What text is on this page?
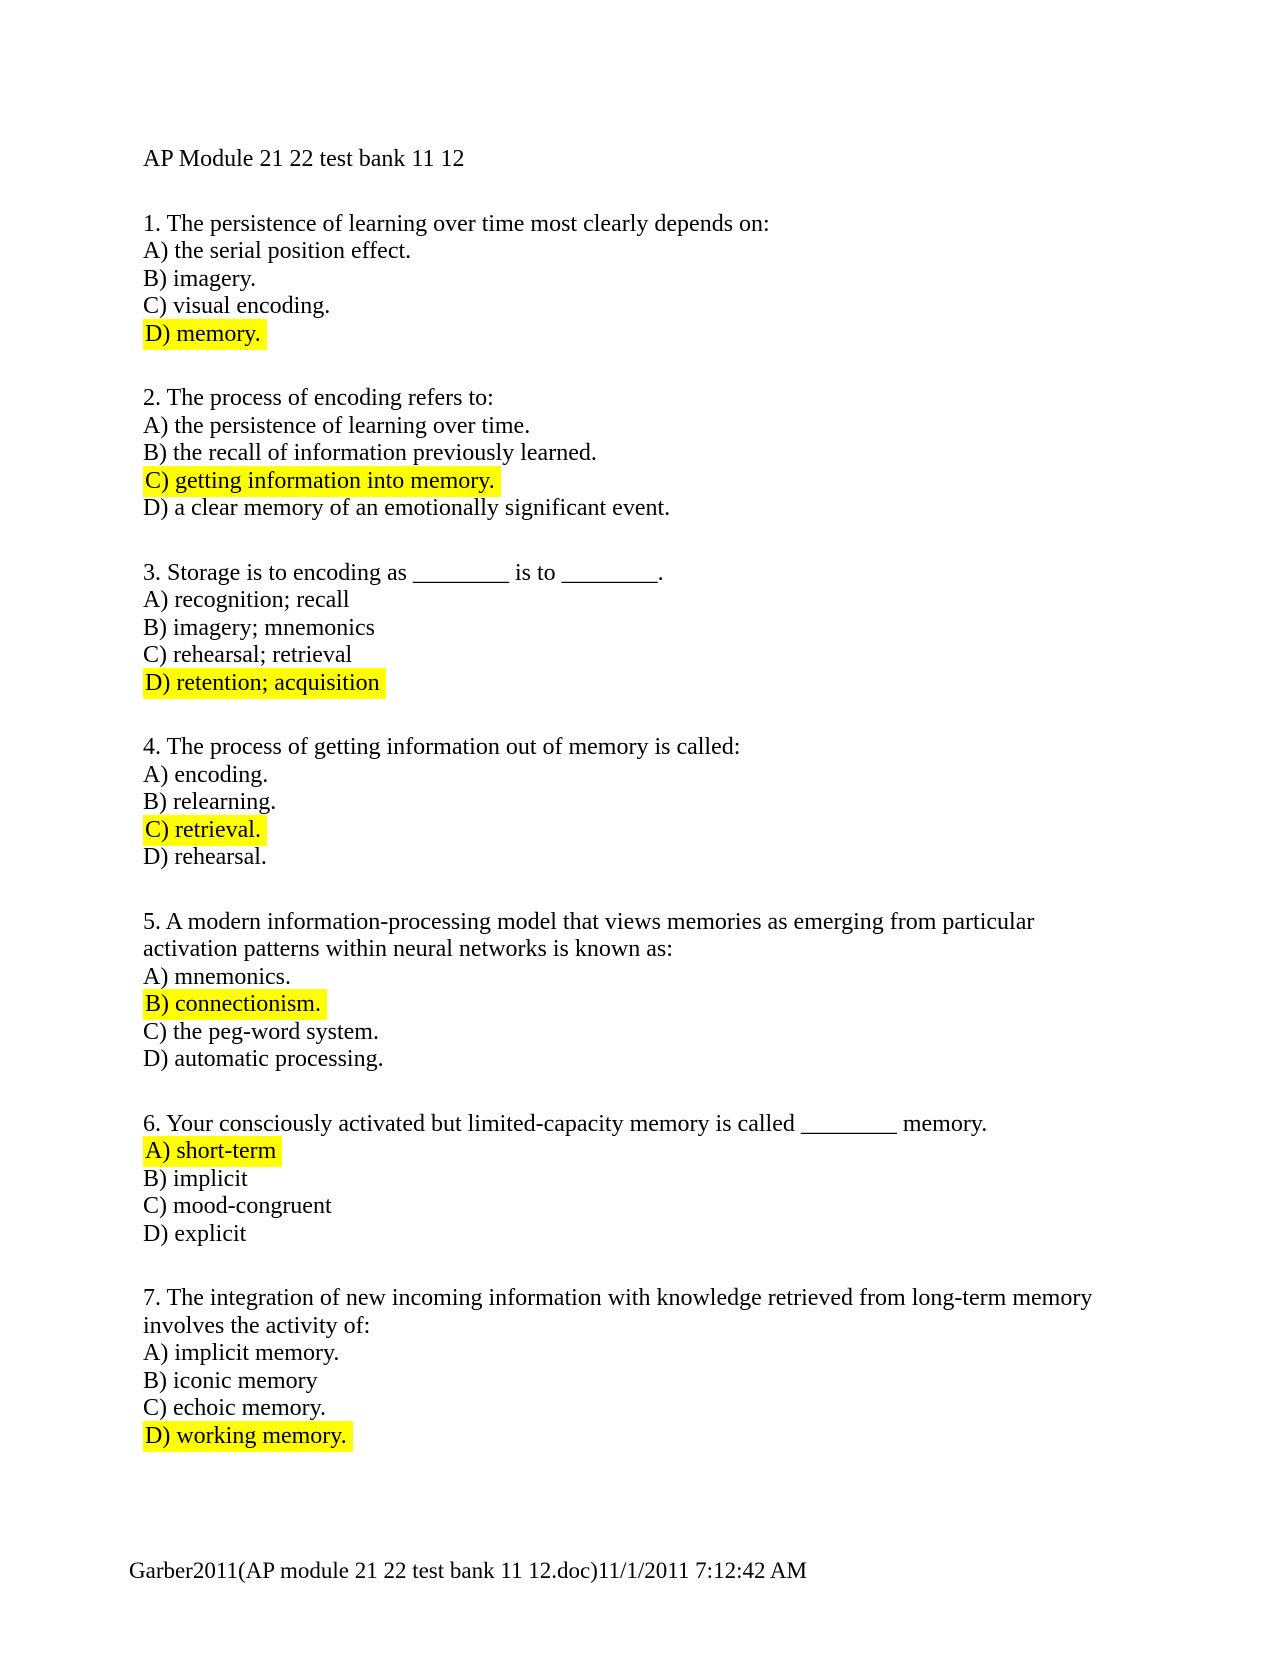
AP Module 21 22 test bank 11 12
1. The persistence of learning over time most clearly depends on:
A) the serial position effect.
B) imagery.
C) visual encoding.
D) memory.
2. The process of encoding refers to:
A) the persistence of learning over time.
B) the recall of information previously learned.
C) getting information into memory.
D) a clear memory of an emotionally significant event.
3. Storage is to encoding as ________ is to ________.
A) recognition; recall
B) imagery; mnemonics
C) rehearsal; retrieval
D) retention; acquisition
4. The process of getting information out of memory is called:
A) encoding.
B) relearning.
C) retrieval.
D) rehearsal.
5. A modern information-processing model that views memories as emerging from particular activation patterns within neural networks is known as:
A) mnemonics.
B) connectionism.
C) the peg-word system.
D) automatic processing.
6. Your consciously activated but limited-capacity memory is called ________ memory.
A) short-term
B) implicit
C) mood-congruent
D) explicit
7. The integration of new incoming information with knowledge retrieved from long-term memory involves the activity of:
A) implicit memory.
B) iconic memory
C) echoic memory.
D) working memory.
Garber2011(AP module 21 22 test bank 11 12.doc)11/1/2011 7:12:42 AM
